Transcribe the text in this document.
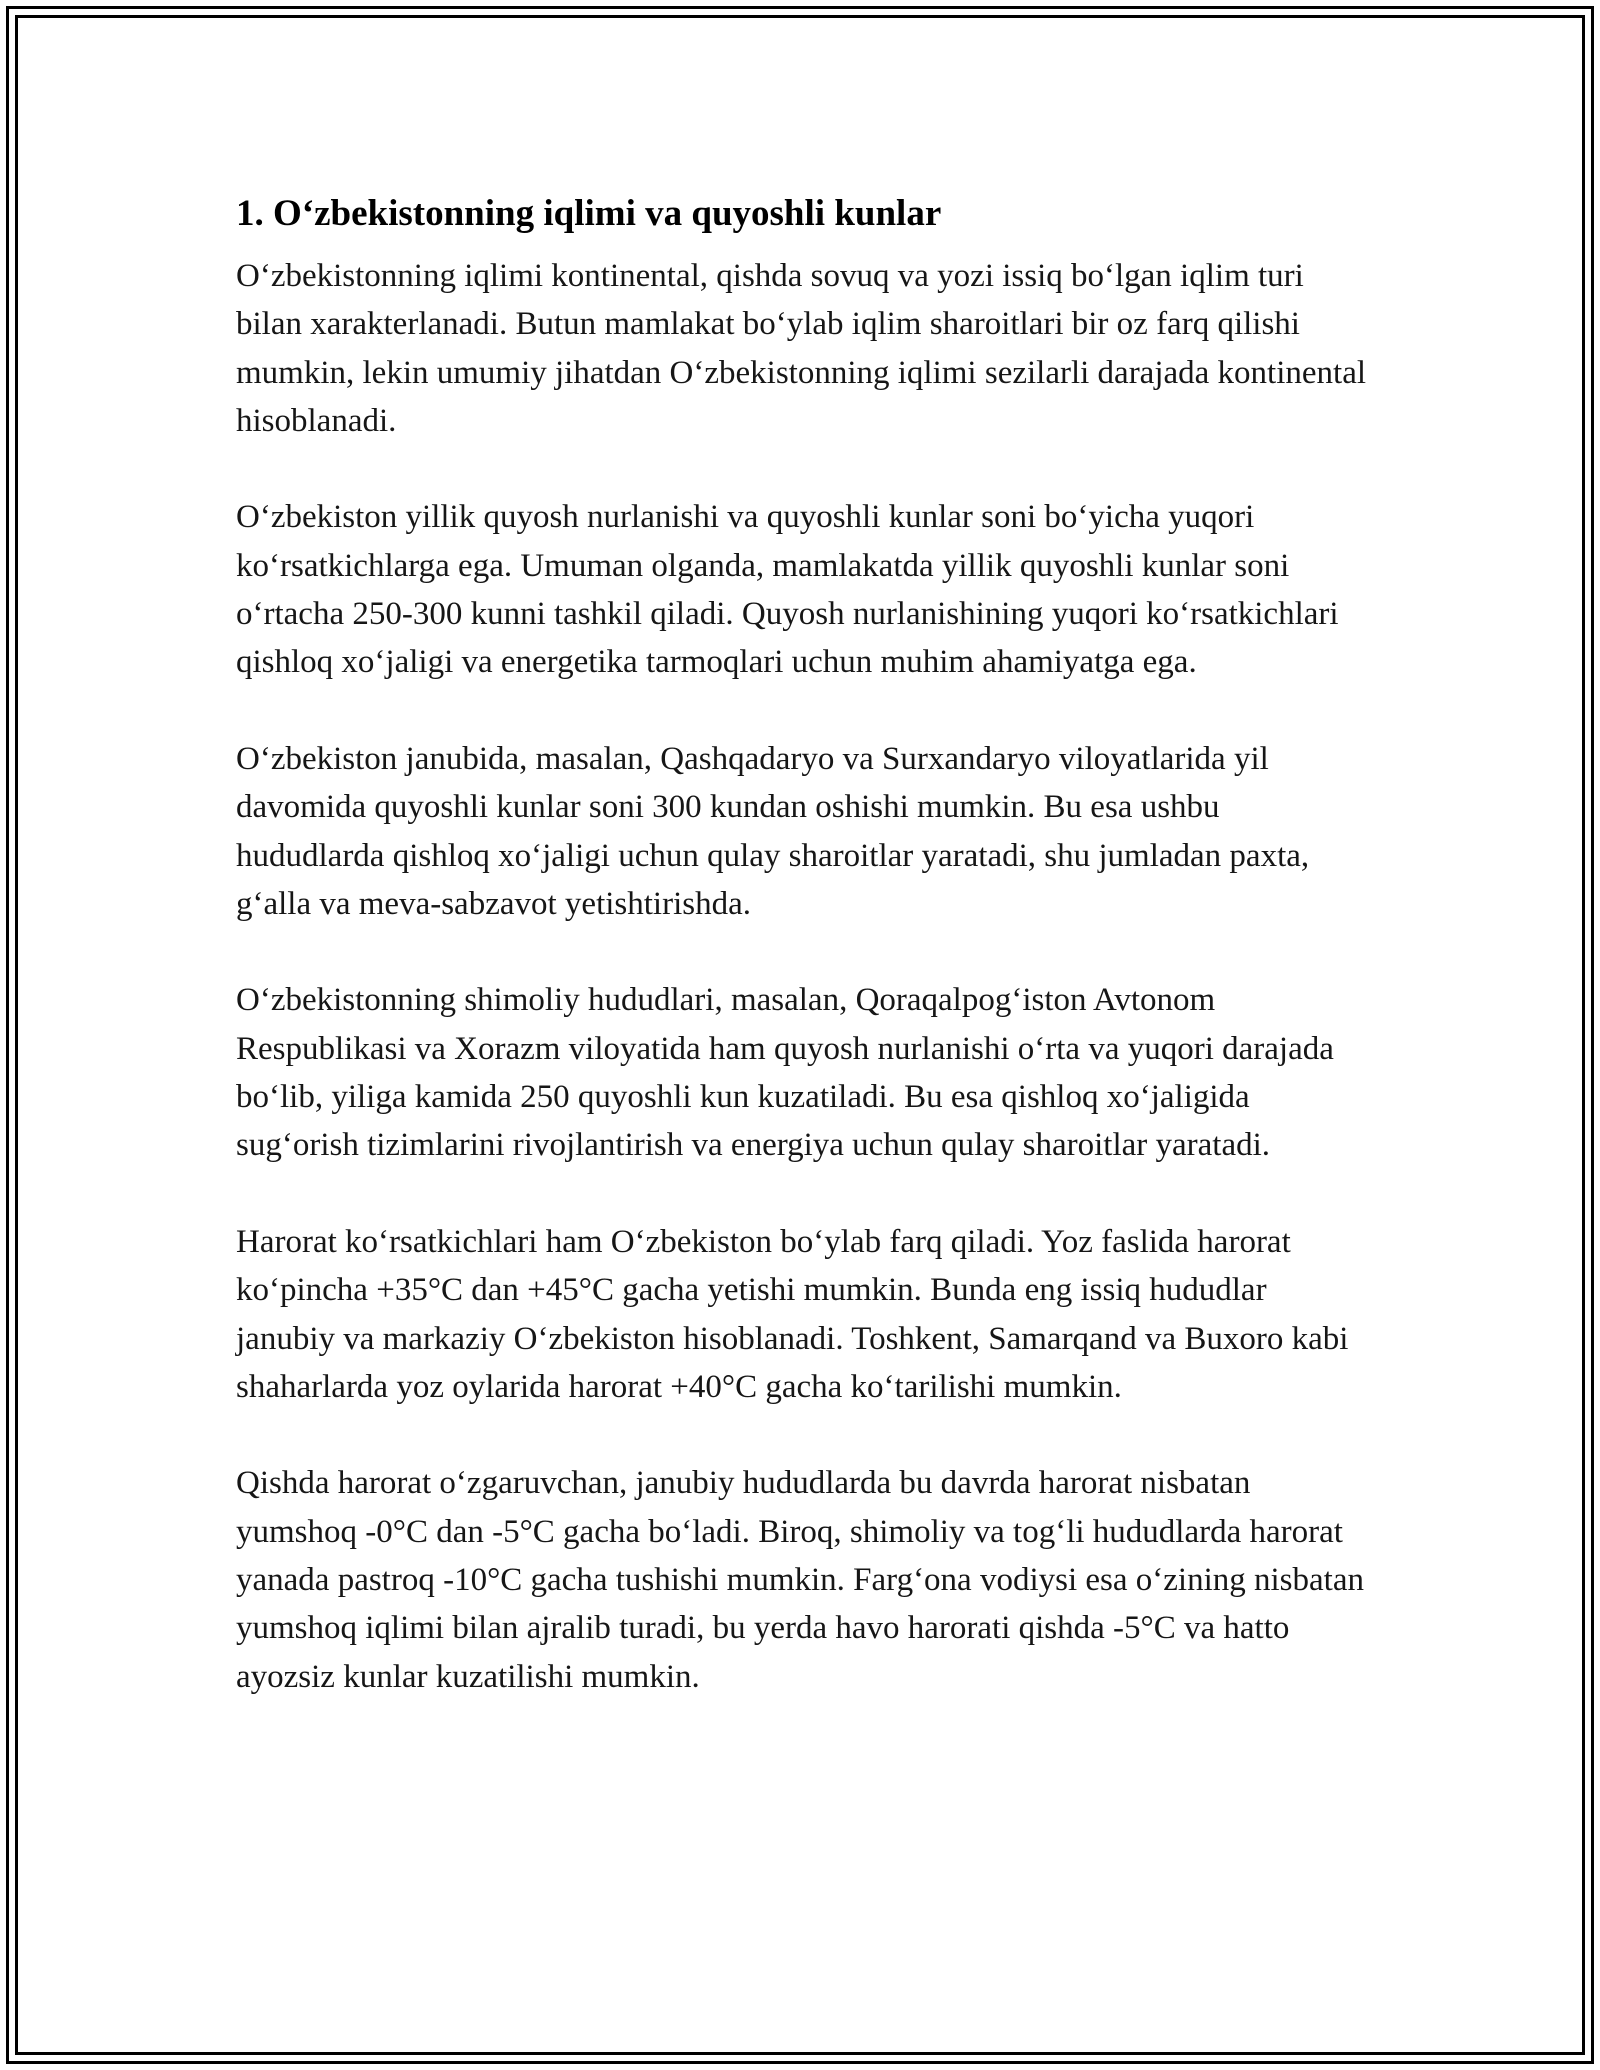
1. O‘zbekistonning iqlimi va quyoshli kunlar

O‘zbekistonning iqlimi kontinental, qishda sovuq va yozi issiq bo‘lgan iqlim turi bilan xarakterlanadi. Butun mamlakat bo‘ylab iqlim sharoitlari bir oz farq qilishi mumkin, lekin umumiy jihatdan O‘zbekistonning iqlimi sezilarli darajada kontinental hisoblanadi.

O‘zbekiston yillik quyosh nurlanishi va quyoshli kunlar soni bo‘yicha yuqori ko‘rsatkichlarga ega. Umuman olganda, mamlakatda yillik quyoshli kunlar soni o‘rtacha 250-300 kunni tashkil qiladi. Quyosh nurlanishining yuqori ko‘rsatkichlari qishloq xo‘jaligi va energetika tarmoqlari uchun muhim ahamiyatga ega.

O‘zbekiston janubida, masalan, Qashqadaryo va Surxandaryo viloyatlarida yil davomida quyoshli kunlar soni 300 kundan oshishi mumkin. Bu esa ushbu hududlarda qishloq xo‘jaligi uchun qulay sharoitlar yaratadi, shu jumladan paxta, g‘alla va meva-sabzavot yetishtirishda.

O‘zbekistonning shimoliy hududlari, masalan, Qoraqalpog‘iston Avtonom Respublikasi va Xorazm viloyatida ham quyosh nurlanishi o‘rta va yuqori darajada bo‘lib, yiliga kamida 250 quyoshli kun kuzatiladi. Bu esa qishloq xo‘jaligida sug‘orish tizimlarini rivojlantirish va energiya uchun qulay sharoitlar yaratadi.

Harorat ko‘rsatkichlari ham O‘zbekiston bo‘ylab farq qiladi. Yoz faslida harorat ko‘pincha +35°C dan +45°C gacha yetishi mumkin. Bunda eng issiq hududlar janubiy va markaziy O‘zbekiston hisoblanadi. Toshkent, Samarqand va Buxoro kabi shaharlarda yoz oylarida harorat +40°C gacha ko‘tarilishi mumkin.

Qishda harorat o‘zgaruvchan, janubiy hududlarda bu davrda harorat nisbatan yumshoq -0°C dan -5°C gacha bo‘ladi. Biroq, shimoliy va tog‘li hududlarda harorat yanada pastroq -10°C gacha tushishi mumkin. Farg‘ona vodiysi esa o‘zining nisbatan yumshoq iqlimi bilan ajralib turadi, bu yerda havo harorati qishda -5°C va hatto ayozsiz kunlar kuzatilishi mumkin.
